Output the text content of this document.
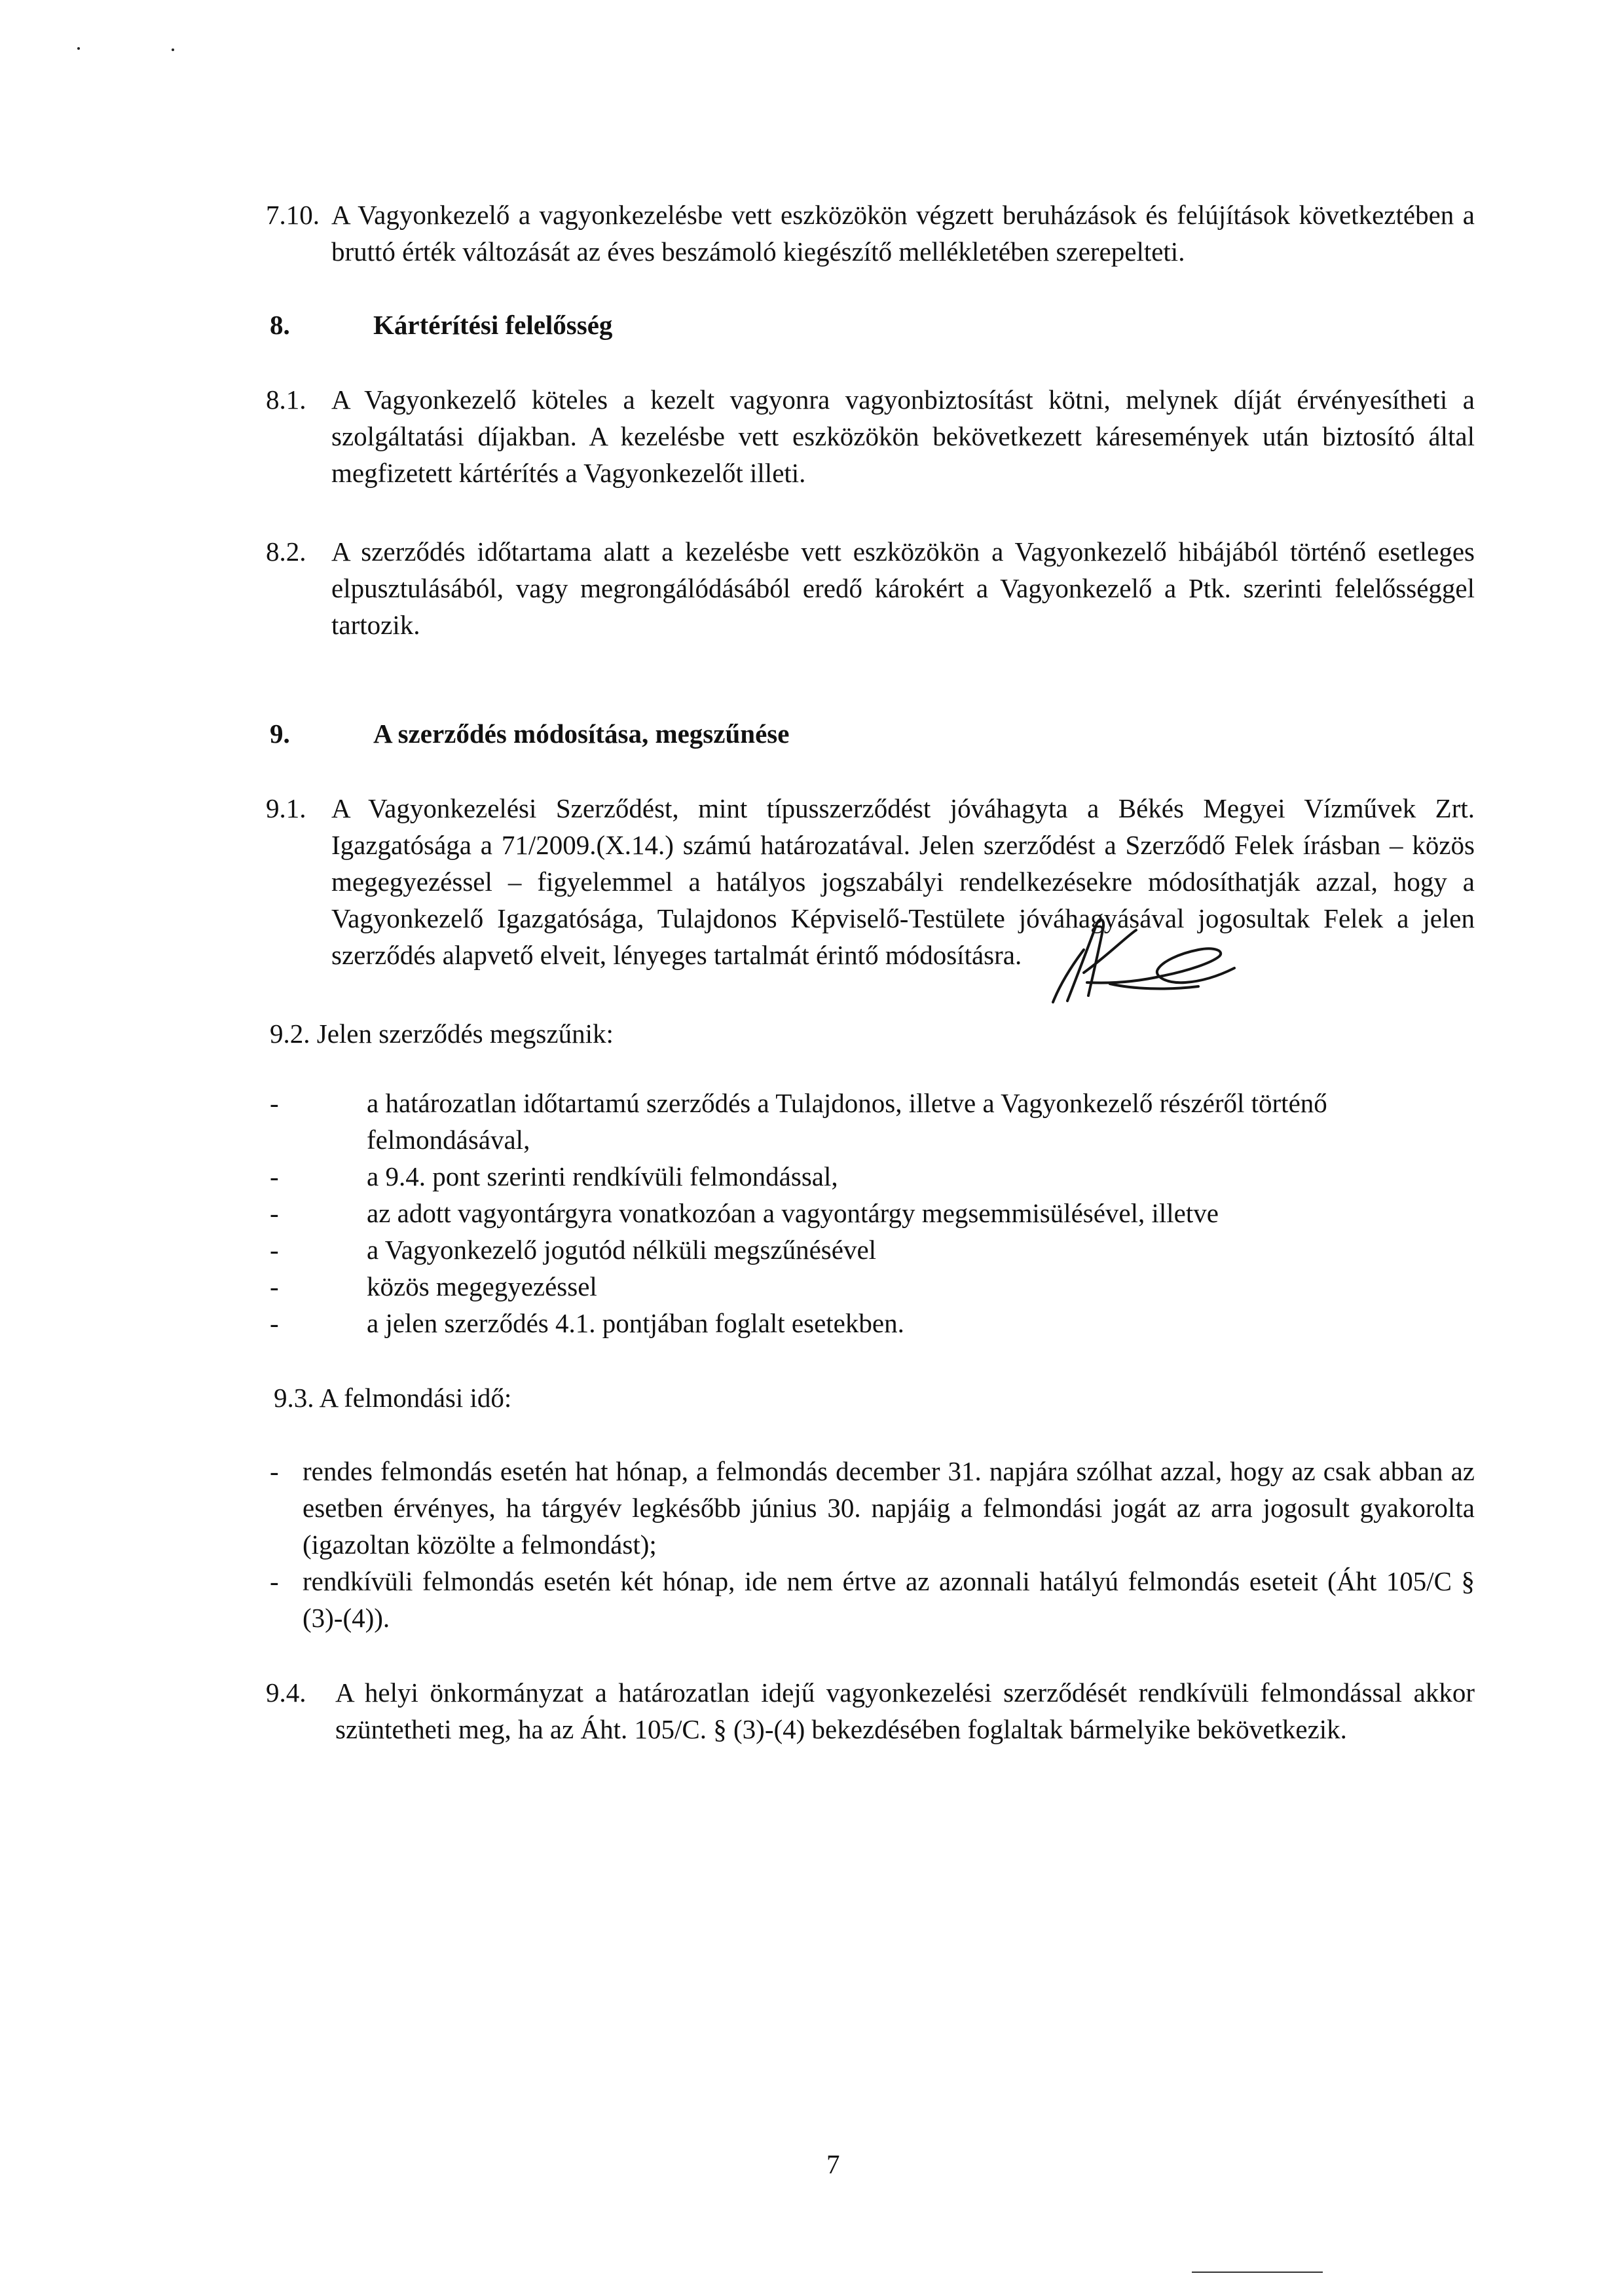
7.10. A Vagyonkezelő a vagyonkezelésbe vett eszközökön végzett beruházások és felújítások következtében a bruttó érték változását az éves beszámoló kiegészítő mellékletében szerepelteti.
8.	Kártérítési felelősség
8.1. A Vagyonkezelő köteles a kezelt vagyonra vagyonbiztosítást kötni, melynek díját érvényesítheti a szolgáltatási díjakban. A kezelésbe vett eszközökön bekövetkezett káresemények után biztosító által megfizetett kártérítés a Vagyonkezelőt illeti.
8.2. A szerződés időtartama alatt a kezelésbe vett eszközökön a Vagyonkezelő hibájából történő esetleges elpusztulásából, vagy megrongálódásából eredő károkért a Vagyonkezelő a Ptk. szerinti felelősséggel tartozik.
9.	A szerződés módosítása, megszűnése
9.1. A Vagyonkezelési Szerződést, mint típusszerződést jóváhagyta a Békés Megyei Vízművek Zrt. Igazgatósága a 71/2009.(X.14.) számú határozatával. Jelen szerződést a Szerződő Felek írásban – közös megegyezéssel – figyelemmel a hatályos jogszabályi rendelkezésekre módosíthatják azzal, hogy a Vagyonkezelő Igazgatósága, Tulajdonos Képviselő-Testülete jóváhagyásával jogosultak Felek a jelen szerződés alapvető elveit, lényeges tartalmát érintő módosításra.
9.2. Jelen szerződés megszűnik:
-	a határozatlan időtartamú szerződés a Tulajdonos, illetve a Vagyonkezelő részéről történő felmondásával,
-	a 9.4. pont szerinti rendkívüli felmondással,
-	az adott vagyontárgyra vonatkozóan a vagyontárgy megsemmisülésével, illetve
-	a Vagyonkezelő jogutód nélküli megszűnésével
-	közös megegyezéssel
-	a jelen szerződés 4.1. pontjában foglalt esetekben.
9.3. A felmondási idő:
- rendes felmondás esetén hat hónap, a felmondás december 31. napjára szólhat azzal, hogy az csak abban az esetben érvényes, ha tárgyév legkésőbb június 30. napjáig a felmondási jogát az arra jogosult gyakorolta (igazoltan közölte a felmondást);
- rendkívüli felmondás esetén két hónap, ide nem értve az azonnali hatályú felmondás eseteit (Áht 105/C § (3)-(4)).
9.4. A helyi önkormányzat a határozatlan idejű vagyonkezelési szerződését rendkívüli felmondással akkor szüntetheti meg, ha az Áht. 105/C. § (3)-(4) bekezdésében foglaltak bármelyike bekövetkezik.
7
